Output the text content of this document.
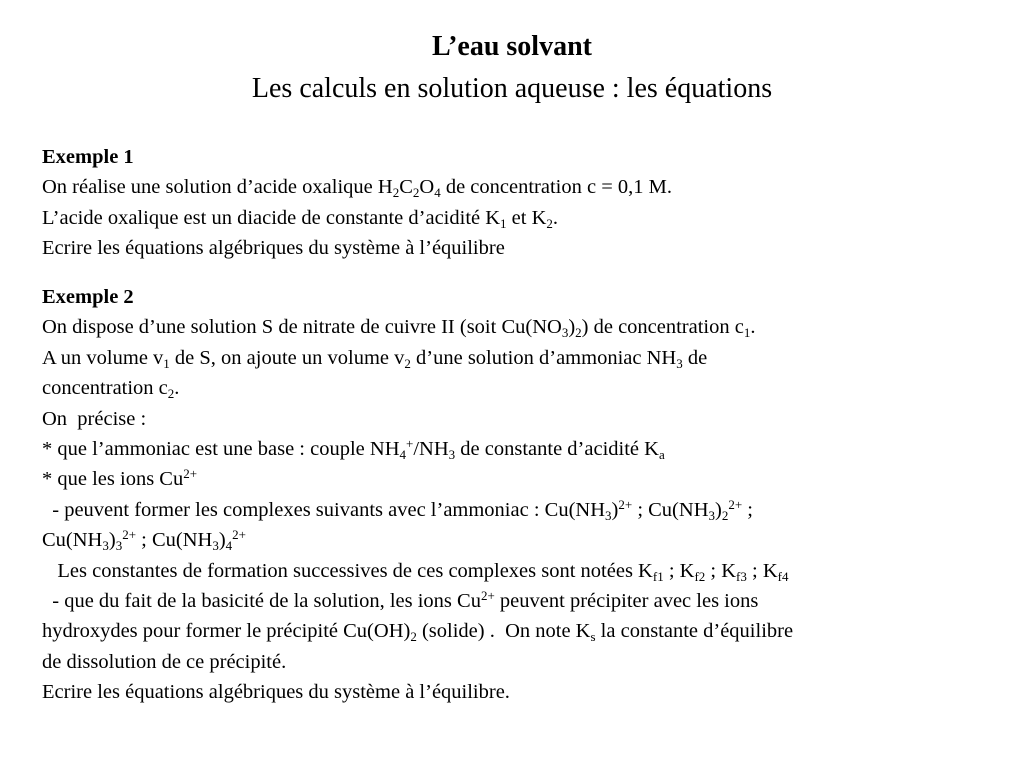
L’eau solvant
Les calculs en solution aqueuse : les équations
Exemple 1
On réalise une solution d’acide oxalique $H_2C_2O_4$ de concentration c = 0,1 M.
L’acide oxalique est un diacide de constante d’acidité $K_1$ et $K_2$.
Ecrire les équations algébriques du système à l’équilibre
Exemple 2
On dispose d’une solution S de nitrate de cuivre II (soit $Cu(NO_3)_2$) de concentration $c_1$.
A un volume $v_1$ de S, on ajoute un volume $v_2$ d’une solution d’ammoniac $NH_3$ de
concentration $c_2$.
On  précise :
* que l’ammoniac est une base : couple $NH_4^+/NH_3$ de constante d’acidité $K_a$
* que les ions $Cu^{2+}$
- peuvent former les complexes suivants avec l’ammoniac : $Cu(NH_3)^{2+}$ ; $Cu(NH_3)_2^{2+}$ ;
$Cu(NH_3)_3^{2+}$ ; $Cu(NH_3)_4^{2+}$
Les constantes de formation successives de ces complexes sont notées $K_{f1}$ ; $K_{f2}$ ; $K_{f3}$ ; $K_{f4}$
- que du fait de la basicité de la solution, les ions $Cu^{2+}$ peuvent précipiter avec les ions
hydroxydes pour former le précipité $Cu(OH)_2$ (solide) .  On note $K_s$ la constante d’équilibre
de dissolution de ce précipité.
Ecrire les équations algébriques du système à l’équilibre.
